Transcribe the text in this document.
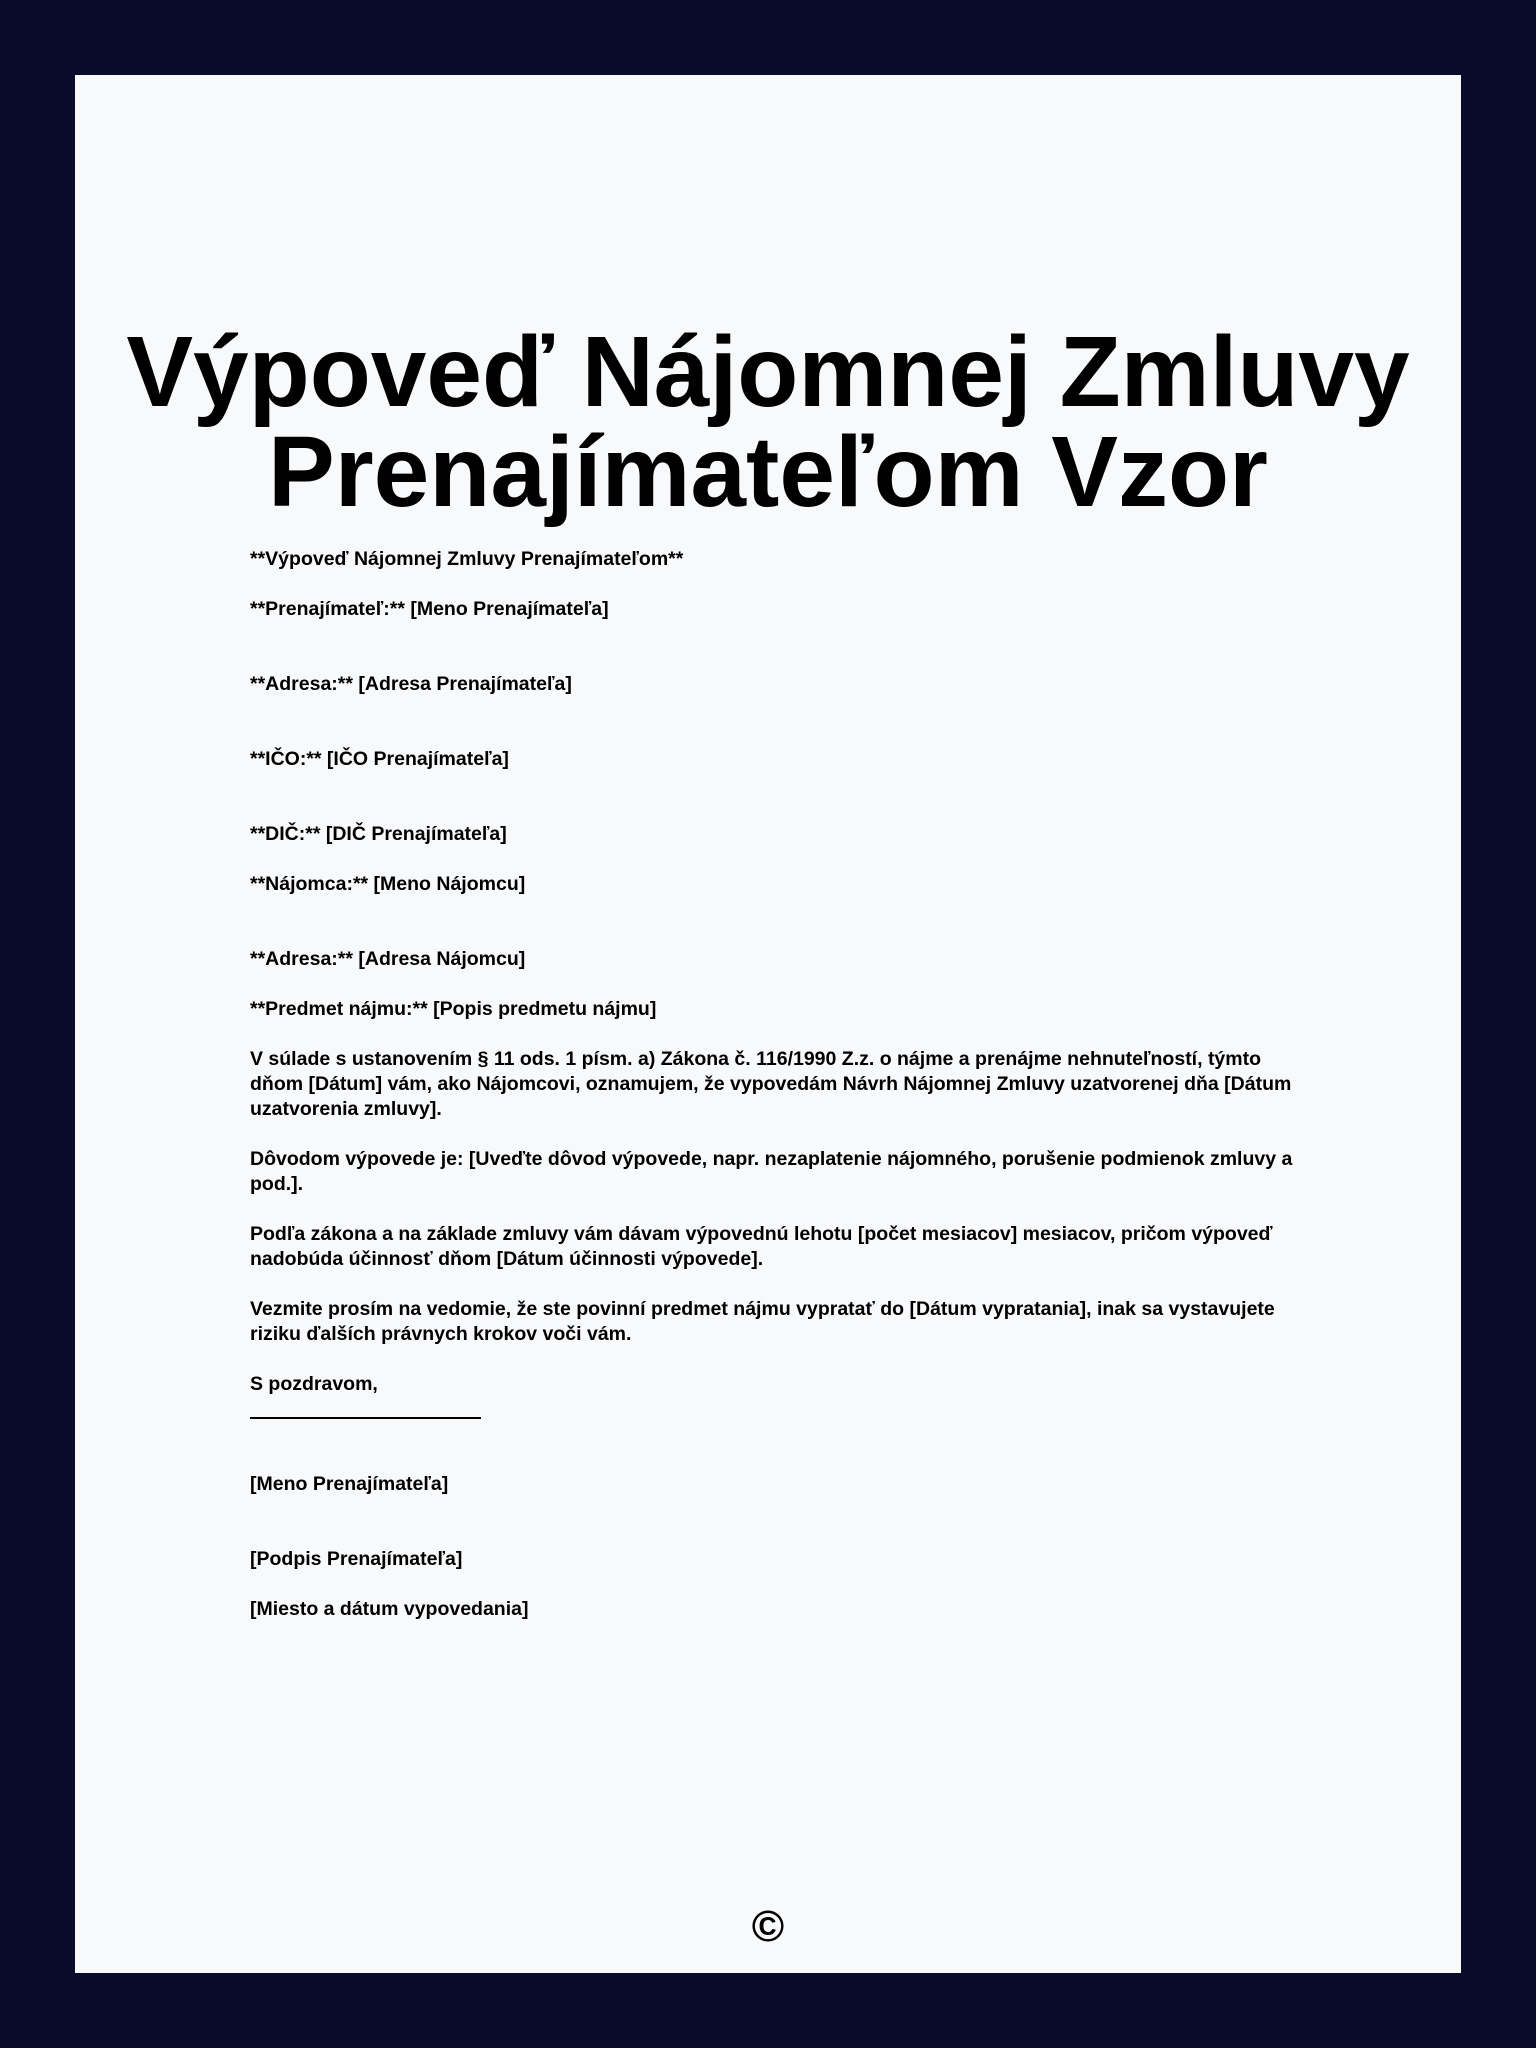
Výpoveď Nájomnej Zmluvy
Prenajímateľom Vzor

**Výpoveď Nájomnej Zmluvy Prenajímateľom**

**Prenajímateľ:** [Meno Prenajímateľa]

**Adresa:** [Adresa Prenajímateľa]

**IČO:** [IČO Prenajímateľa]

**DIČ:** [DIČ Prenajímateľa]

**Nájomca:** [Meno Nájomcu]

**Adresa:** [Adresa Nájomcu]

**Predmet nájmu:** [Popis predmetu nájmu]

V súlade s ustanovením § 11 ods. 1 písm. a) Zákona č. 116/1990 Z.z. o nájme a prenájme nehnuteľností, týmto dňom [Dátum] vám, ako Nájomcovi, oznamujem, že vypovedám Návrh Nájomnej Zmluvy uzatvorenej dňa [Dátum uzatvorenia zmluvy].

Dôvodom výpovede je: [Uveďte dôvod výpovede, napr. nezaplatenie nájomného, porušenie podmienok zmluvy a pod.].

Podľa zákona a na základe zmluvy vám dávam výpovednú lehotu [počet mesiacov] mesiacov, pričom výpoveď nadobúda účinnosť dňom [Dátum účinnosti výpovede].

Vezmite prosím na vedomie, že ste povinní predmet nájmu vypratať do [Dátum vypratania], inak sa vystavujete riziku ďalších právnych krokov voči vám.

S pozdravom,

[Meno Prenajímateľa]

[Podpis Prenajímateľa]

[Miesto a dátum vypovedania]

©
